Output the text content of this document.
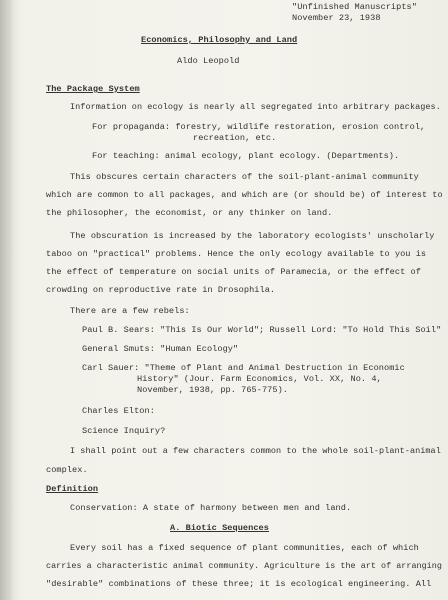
"Unfinished Manuscripts"
November 23, 1938
Economics, Philosophy and Land
Aldo Leopold
The Package System
Information on ecology is nearly all segregated into arbitrary packages.
For propaganda: forestry, wildlife restoration, erosion control,
recreation, etc.
For teaching: animal ecology, plant ecology. (Departments).
This obscures certain characters of the soil-plant-animal community
which are common to all packages, and which are (or should be) of interest to
the philosopher, the economist, or any thinker on land.
The obscuration is increased by the laboratory ecologists' unscholarly
taboo on "practical" problems. Hence the only ecology available to you is
the effect of temperature on social units of Paramecia, or the effect of
crowding on reproductive rate in Drosophila.
There are a few rebels:
Paul B. Sears: "This Is Our World"; Russell Lord: "To Hold This Soil"
General Smuts: "Human Ecology"
Carl Sauer: "Theme of Plant and Animal Destruction in Economic
History" (Jour. Farm Economics, Vol. XX, No. 4,
November, 1938, pp. 765-775).
Charles Elton:
Science Inquiry?
I shall point out a few characters common to the whole soil-plant-animal
complex.
Definition
Conservation: A state of harmony between men and land.
A. Biotic Sequences
Every soil has a fixed sequence of plant communities, each of which
carries a characteristic animal community. Agriculture is the art of arranging
"desirable" combinations of these three; it is ecological engineering. All
